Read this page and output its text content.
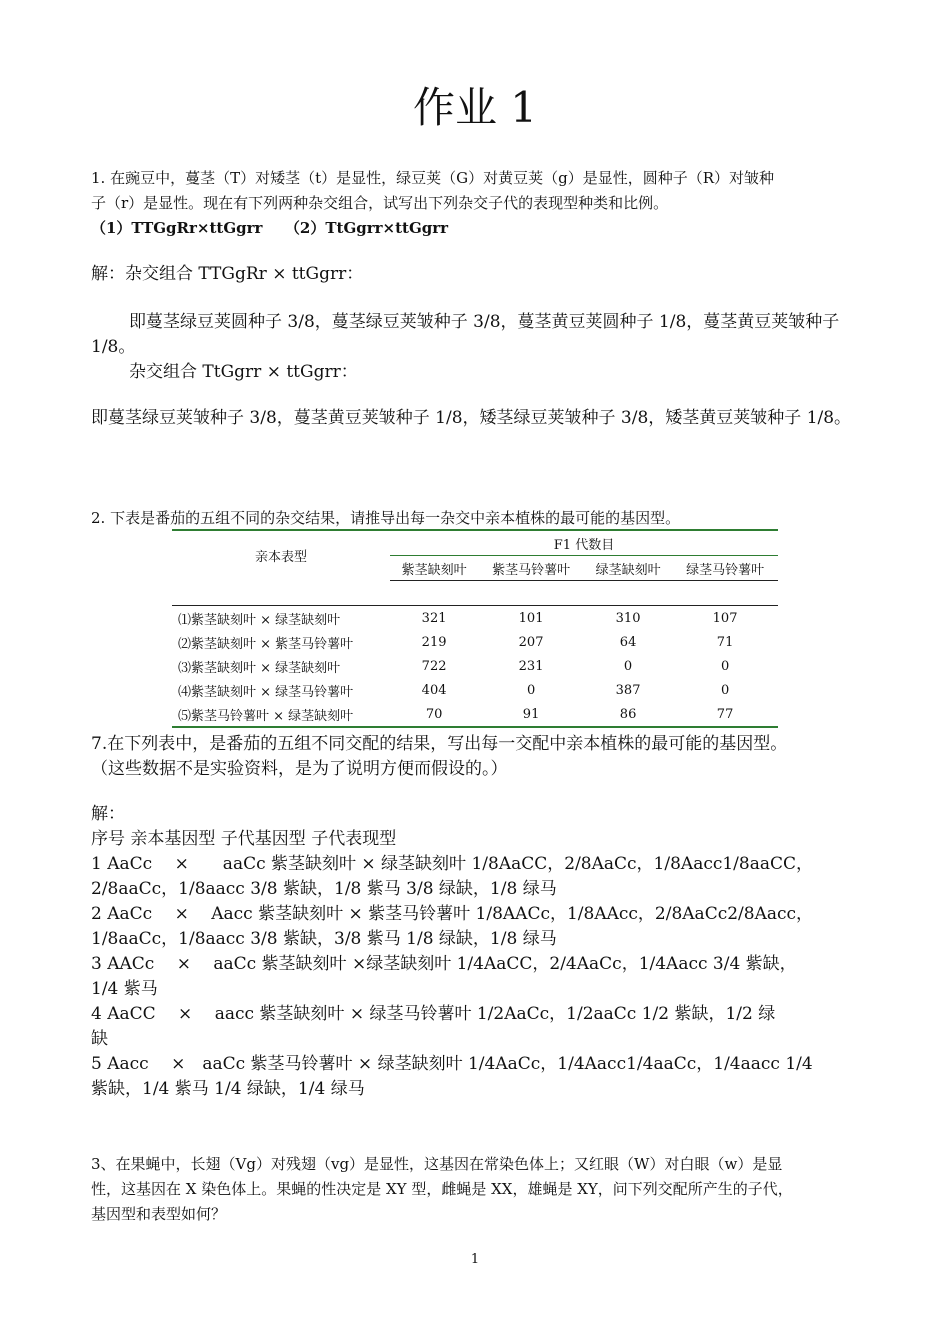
作业 1
1. 在豌豆中，蔓茎（T）对矮茎（t）是显性，绿豆荚（G）对黄豆荚（g）是显性，圆种子（R）对皱种
子（r）是显性。现在有下列两种杂交组合，试写出下列杂交子代的表现型种类和比例。
（1）TTGgRr×ttGgrr　　（2）TtGgrr×ttGgrr
解：杂交组合 TTGgRr × ttGgrr：
即蔓茎绿豆荚圆种子 3/8，蔓茎绿豆荚皱种子 3/8，蔓茎黄豆荚圆种子 1/8，蔓茎黄豆荚皱种子 1/8。
杂交组合 TtGgrr × ttGgrr：
即蔓茎绿豆荚皱种子 3/8，蔓茎黄豆荚皱种子 1/8，矮茎绿豆荚皱种子 3/8，矮茎黄豆荚皱种子 1/8。
2. 下表是番茄的五组不同的杂交结果，请推导出每一杂交中亲本植株的最可能的基因型。
亲本表型	F1 代数目			
	紫茎缺刻叶	紫茎马铃薯叶	绿茎缺刻叶	绿茎马铃薯叶

⑴紫茎缺刻叶 × 绿茎缺刻叶	321	101	310	107
⑵紫茎缺刻叶 × 紫茎马铃薯叶	219	207	64	71
⑶紫茎缺刻叶 × 绿茎缺刻叶	722	231	0	0
⑷紫茎缺刻叶 × 绿茎马铃薯叶	404	0	387	0
⑸紫茎马铃薯叶 × 绿茎缺刻叶	70	91	86	77
7.在下列表中，是番茄的五组不同交配的结果，写出每一交配中亲本植株的最可能的基因型。
（这些数据不是实验资料，是为了说明方便而假设的。）
解：
序号 亲本基因型 子代基因型 子代表现型
1 AaCc　 ×　　aaCc 紫茎缺刻叶 × 绿茎缺刻叶 1/8AaCC，2/8AaCc，1/8Aacc1/8aaCC，
2/8aaCc，1/8aacc 3/8 紫缺，1/8 紫马 3/8 绿缺，1/8 绿马
2 AaCc　 ×　 Aacc 紫茎缺刻叶 × 紫茎马铃薯叶 1/8AACc，1/8AAcc，2/8AaCc2/8Aacc，
1/8aaCc，1/8aacc 3/8 紫缺，3/8 紫马 1/8 绿缺，1/8 绿马
3 AACc　 ×　 aaCc 紫茎缺刻叶 ×绿茎缺刻叶 1/4AaCC，2/4AaCc，1/4Aacc 3/4 紫缺，
1/4 紫马
4 AaCC　 ×　 aacc 紫茎缺刻叶 × 绿茎马铃薯叶 1/2AaCc，1/2aaCc 1/2 紫缺，1/2 绿
缺
5 Aacc　 ×　aaCc 紫茎马铃薯叶 × 绿茎缺刻叶 1/4AaCc，1/4Aacc1/4aaCc，1/4aacc 1/4
紫缺，1/4 紫马 1/4 绿缺，1/4 绿马
3、在果蝇中，长翅（Vg）对残翅（vg）是显性，这基因在常染色体上；又红眼（W）对白眼（w）是显
性，这基因在 X 染色体上。果蝇的性决定是 XY 型，雌蝇是 XX，雄蝇是 XY，问下列交配所产生的子代，
基因型和表型如何？
1
